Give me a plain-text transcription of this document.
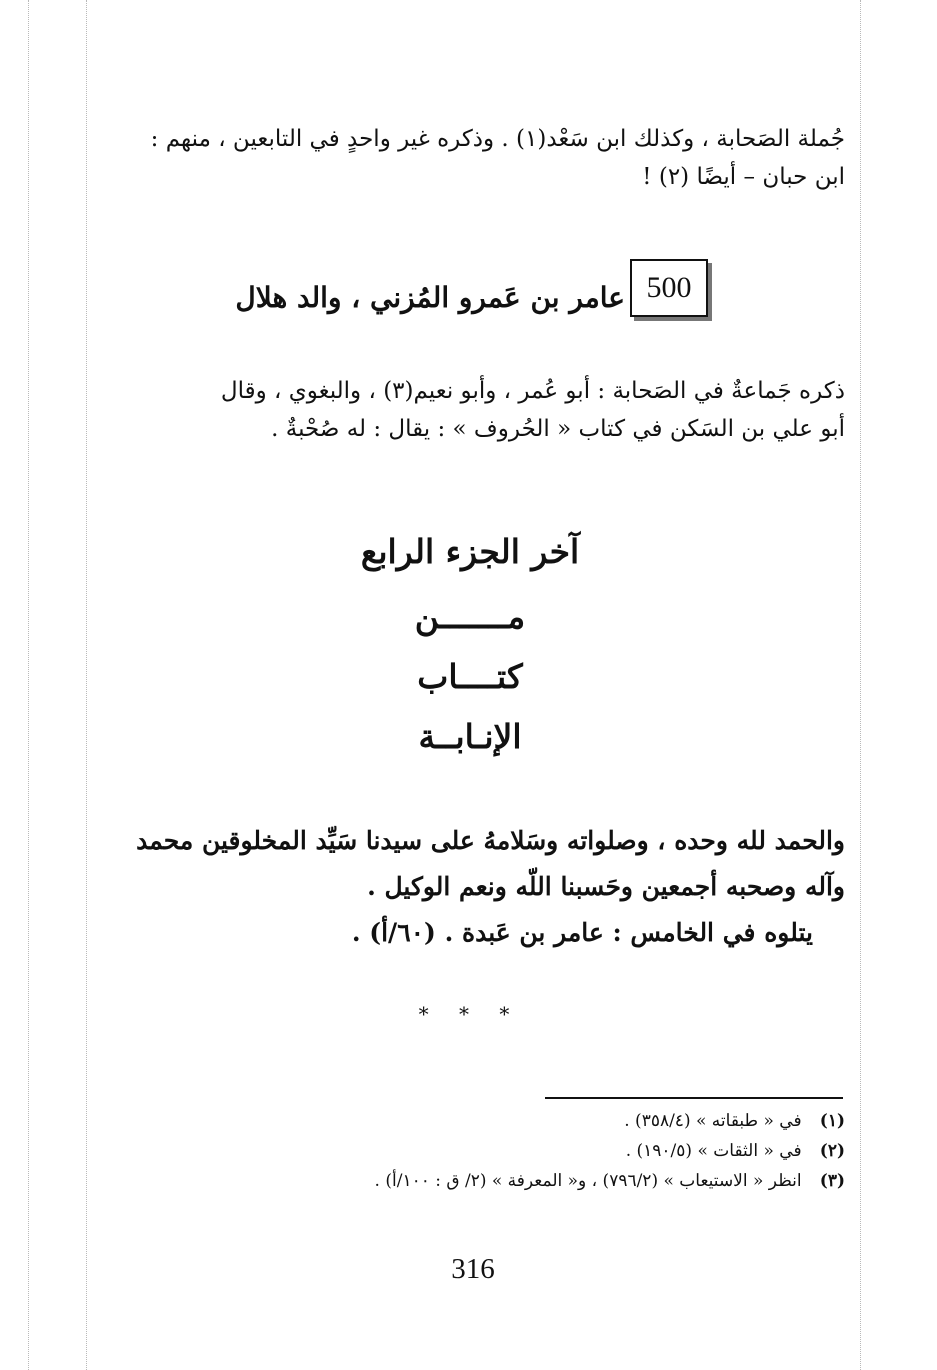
جُملة الصَحابة ، وكذلك ابن سَعْد(١) . وذكره غير واحدٍ في التابعين ، منهم :
ابن حبان – أيضًا (٢) !
500
عامر بن عَمرو المُزني ، والد هلال
ذكره جَماعةٌ في الصَحابة : أبو عُمر ، وأبو نعيم(٣) ، والبغوي ، وقال
أبو علي بن السَكن في كتاب « الحُروف » : يقال : له صُحْبةٌ .
آخر الجزء الرابع
مـــــــن
كتــــاب
الإنـابــة
والحمد لله وحده ، وصلواته وسَلامهُ على سيدنا سَيِّد المخلوقين محمد
وآله وصحبه أجمعين وحَسبنا اللّه ونعم الوكيل .
يتلوه في الخامس : عامر بن عَبدة . (٦٠/أ) .
* * *
(١) في « طبقاته » (٣٥٨/٤) .
(٢) في « الثقات » (١٩٠/٥) .
(٣) انظر « الاستيعاب » (٧٩٦/٢) ، و« المعرفة » (٢/ ق : ١٠٠/أ) .
316
